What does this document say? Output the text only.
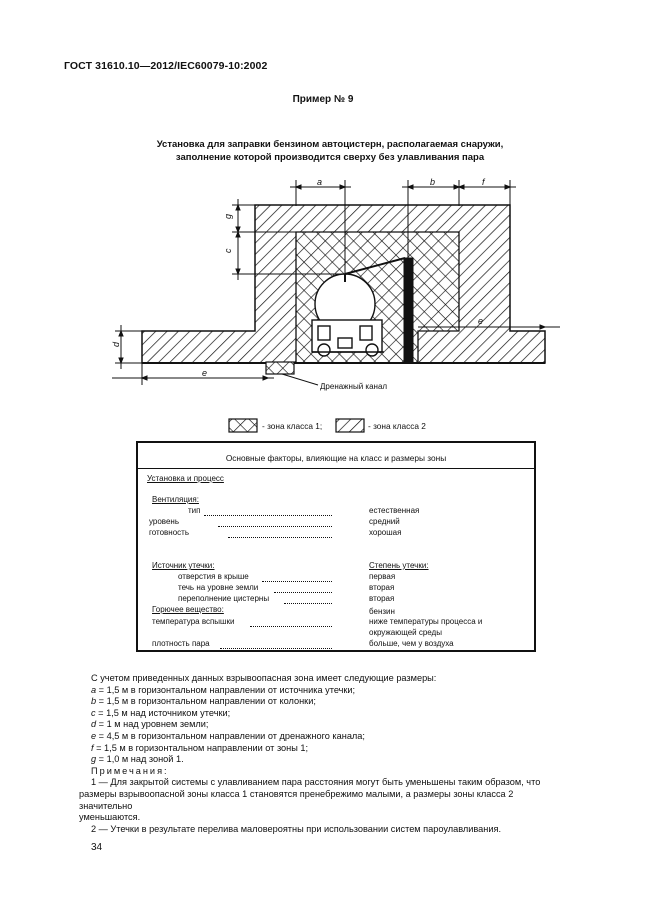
ГОСТ 31610.10—2012/IEC60079-10:2002
Пример № 9
Установка для заправки бензином автоцистерн, располагаемая снаружи,
заполнение которой производится сверху без улавливания пара
Дренажный канал
a	b	f
g
c
d
e
e
- зона класса 1;	- зона класса 2
Основные факторы, влияющие на класс и размеры зоны
Установка и процесс
Вентиляция:
тип	естественная
уровень	средний
готовность	хорошая
Источник утечки:	Степень утечки:
отверстия в крыше	первая
течь на уровне земли	вторая
переполнение цистерны	вторая
Горючее вещество:	бензин
температура вспышки	ниже температуры процесса и
окружающей среды
плотность пара	больше, чем у воздуха
С учетом приведенных данных взрывоопасная зона имеет следующие размеры:
a = 1,5 м в горизонтальном направлении от источника утечки;
b = 1,5 м в горизонтальном направлении от колонки;
c = 1,5 м над источником утечки;
d = 1 м над уровнем земли;
e = 4,5 м в горизонтальном направлении от дренажного канала;
f = 1,5 м в горизонтальном направлении от зоны 1;
g = 1,0 м над зоной 1.
Примечания:
1 — Для закрытой системы с улавливанием пара расстояния могут быть уменьшены таким образом, что
размеры взрывоопасной зоны класса 1 становятся пренебрежимо малыми, а размеры зоны класса 2 значительно
уменьшаются.
2 — Утечки в результате перелива маловероятны при использовании систем пароулавливания.
34
